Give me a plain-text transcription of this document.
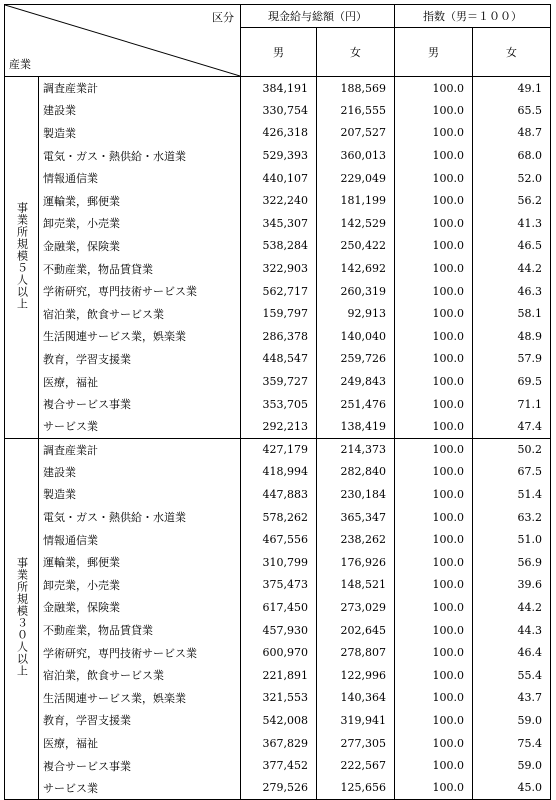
区分
産業		現金給与総額（円）		指数（男＝１００）	
		男	女	男	女
事業所規模５人以上	調査産業計	384,191	188,569	100.0	49.1
	建設業	330,754	216,555	100.0	65.5
	製造業	426,318	207,527	100.0	48.7
	電気・ガス・熱供給・水道業	529,393	360,013	100.0	68.0
	情報通信業	440,107	229,049	100.0	52.0
	運輸業，郵便業	322,240	181,199	100.0	56.2
	卸売業，小売業	345,307	142,529	100.0	41.3
	金融業，保険業	538,284	250,422	100.0	46.5
	不動産業，物品賃貸業	322,903	142,692	100.0	44.2
	学術研究，専門技術サービス業	562,717	260,319	100.0	46.3
	宿泊業，飲食サービス業	159,797	92,913	100.0	58.1
	生活関連サービス業，娯楽業	286,378	140,040	100.0	48.9
	教育，学習支援業	448,547	259,726	100.0	57.9
	医療，福祉	359,727	249,843	100.0	69.5
	複合サービス事業	353,705	251,476	100.0	71.1
	サービス業	292,213	138,419	100.0	47.4
事業所規模３０人以上	調査産業計	427,179	214,373	100.0	50.2
	建設業	418,994	282,840	100.0	67.5
	製造業	447,883	230,184	100.0	51.4
	電気・ガス・熱供給・水道業	578,262	365,347	100.0	63.2
	情報通信業	467,556	238,262	100.0	51.0
	運輸業，郵便業	310,799	176,926	100.0	56.9
	卸売業，小売業	375,473	148,521	100.0	39.6
	金融業，保険業	617,450	273,029	100.0	44.2
	不動産業，物品賃貸業	457,930	202,645	100.0	44.3
	学術研究，専門技術サービス業	600,970	278,807	100.0	46.4
	宿泊業，飲食サービス業	221,891	122,996	100.0	55.4
	生活関連サービス業，娯楽業	321,553	140,364	100.0	43.7
	教育，学習支援業	542,008	319,941	100.0	59.0
	医療，福祉	367,829	277,305	100.0	75.4
	複合サービス事業	377,452	222,567	100.0	59.0
	サービス業	279,526	125,656	100.0	45.0
